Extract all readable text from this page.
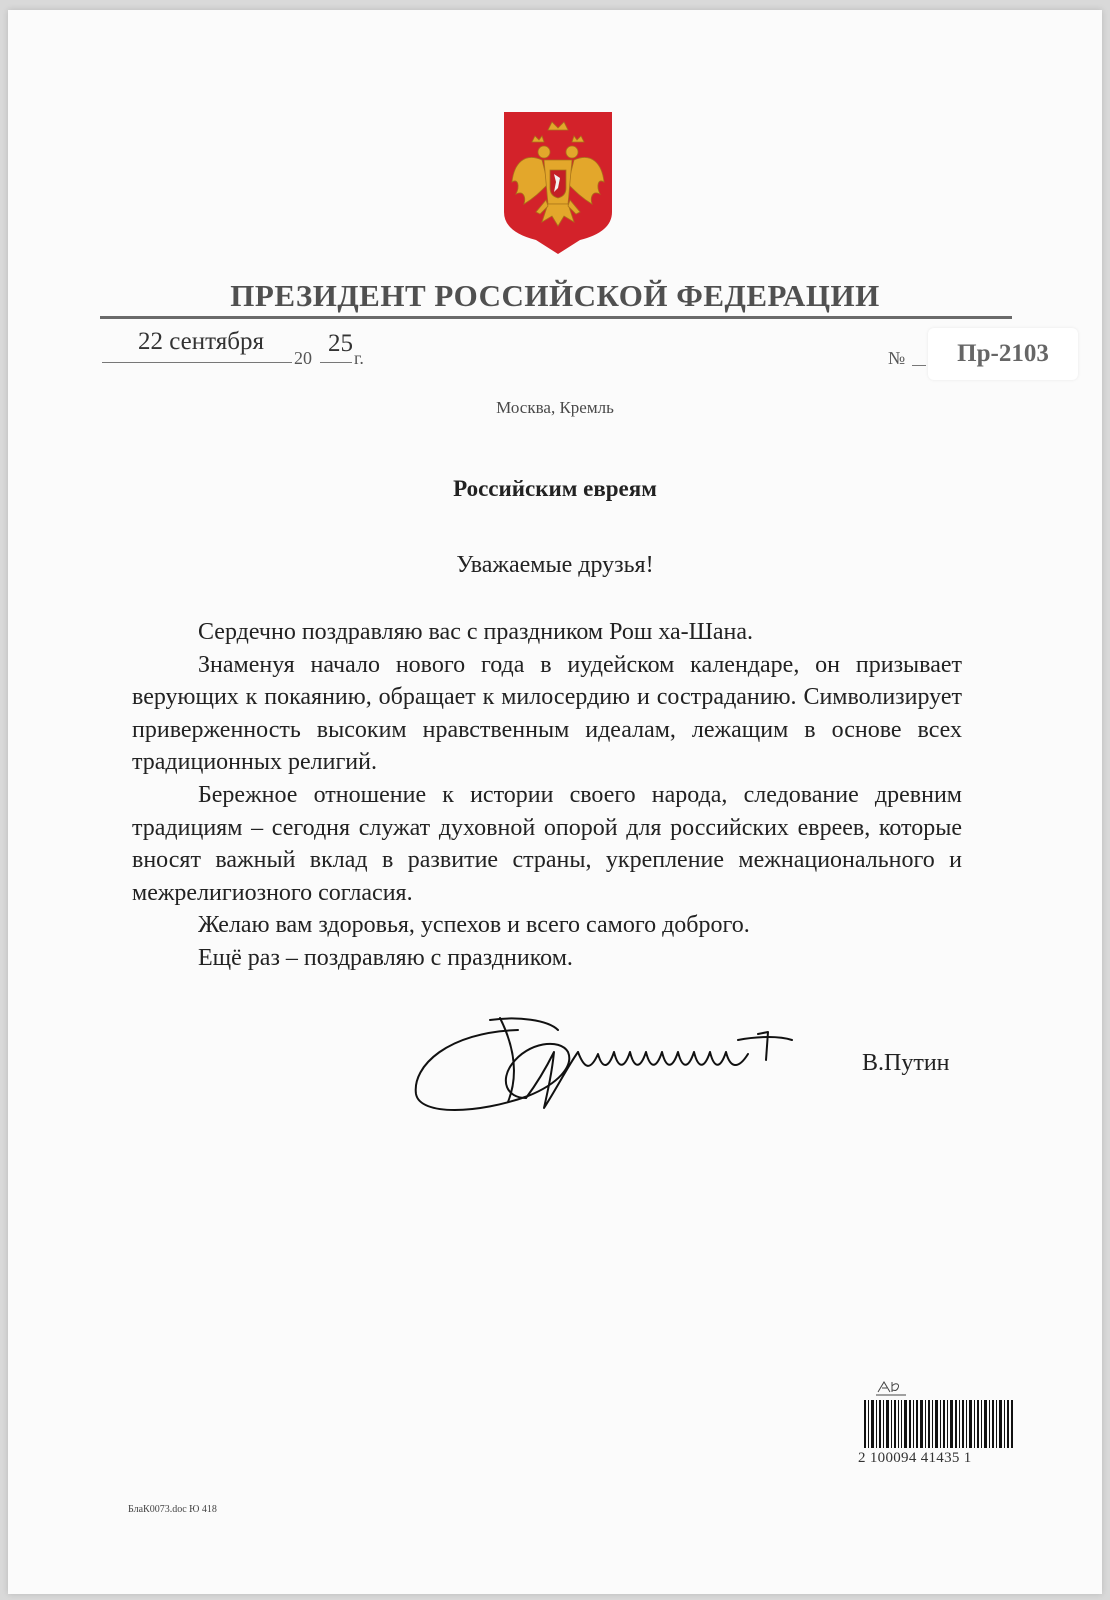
ПРЕЗИДЕНТ РОССИЙСКОЙ ФЕДЕРАЦИИ
22 сентября
20
25
г.	№	Пр-2103
Москва, Кремль
Российским евреям
Уважаемые друзья!

Сердечно поздравляю вас с праздником Рош ха-Шана.

Знаменуя начало нового года в иудейском календаре, он призывает верующих к покаянию, обращает к милосердию и состраданию. Символизирует приверженность высоким нравственным идеалам, лежащим в основе всех традиционных религий.

Бережное отношение к истории своего народа, следование древним традициям – сегодня служат духовной опорой для российских евреев, которые вносят важный вклад в развитие страны, укрепление межнационального и межрелигиозного согласия.

Желаю вам здоровья, успехов и всего самого доброго.

Ещё раз – поздравляю с праздником.

В.Путин
2 100094 41435 1
БлаК0073.doc Ю 418
